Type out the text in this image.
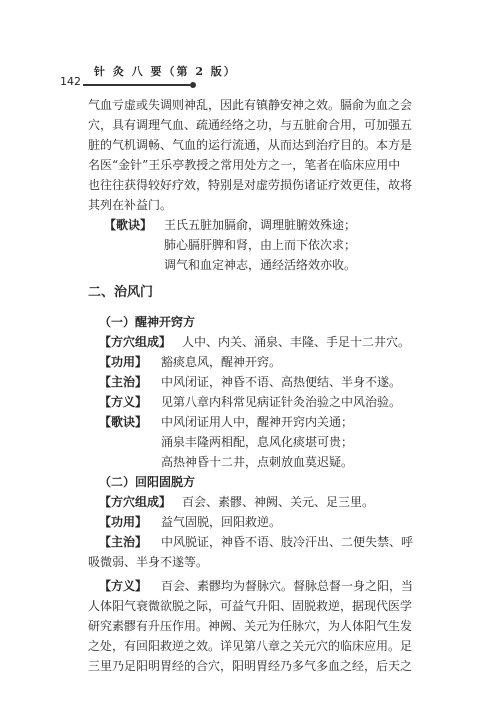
针 灸 八 要（第 2 版）
142
气血亏虚或失调则神乱，因此有镇静安神之效。膈俞为血之会
穴，具有调理气血、疏通经络之功，与五脏俞合用，可加强五
脏的气机调畅、气血的运行流通，从而达到治疗目的。本方是
名医“金针”王乐亭教授之常用处方之一，笔者在临床应用中
也往往获得较好疗效，特别是对虚劳损伤诸证疗效更佳，故将
其列在补益门。
【歌诀】 王氏五脏加膈俞，调理脏腑效殊途；
肺心膈肝脾和肾，由上而下依次求；
调气和血定神志，通经活络效亦收。
二、治风门
（一）醒神开窍方
【方穴组成】 人中、内关、涌泉、丰隆、手足十二井穴。
【功用】 豁痰息风，醒神开窍。
【主治】 中风闭证，神昏不语、高热便结、半身不遂。
【方义】 见第八章内科常见病证针灸治验之中风治验。
【歌诀】 中风闭证用人中，醒神开窍内关通；
涌泉丰隆两相配，息风化痰堪可贵；
高热神昏十二井，点刺放血莫迟疑。
（二）回阳固脱方
【方穴组成】 百会、素髎、神阙、关元、足三里。
【功用】 益气固脱，回阳救逆。
【主治】 中风脱证，神昏不语、肢冷汗出、二便失禁、呼
吸微弱、半身不遂等。
【方义】 百会、素髎均为督脉穴。督脉总督一身之阳，当
人体阳气衰微欲脱之际，可益气升阳、固脱救逆，据现代医学
研究素髎有升压作用。神阙、关元为任脉穴，为人体阳气生发
之处，有回阳救逆之效。详见第八章之关元穴的临床应用。足
三里乃足阳明胃经的合穴，阳明胃经乃多气多血之经，后天之
